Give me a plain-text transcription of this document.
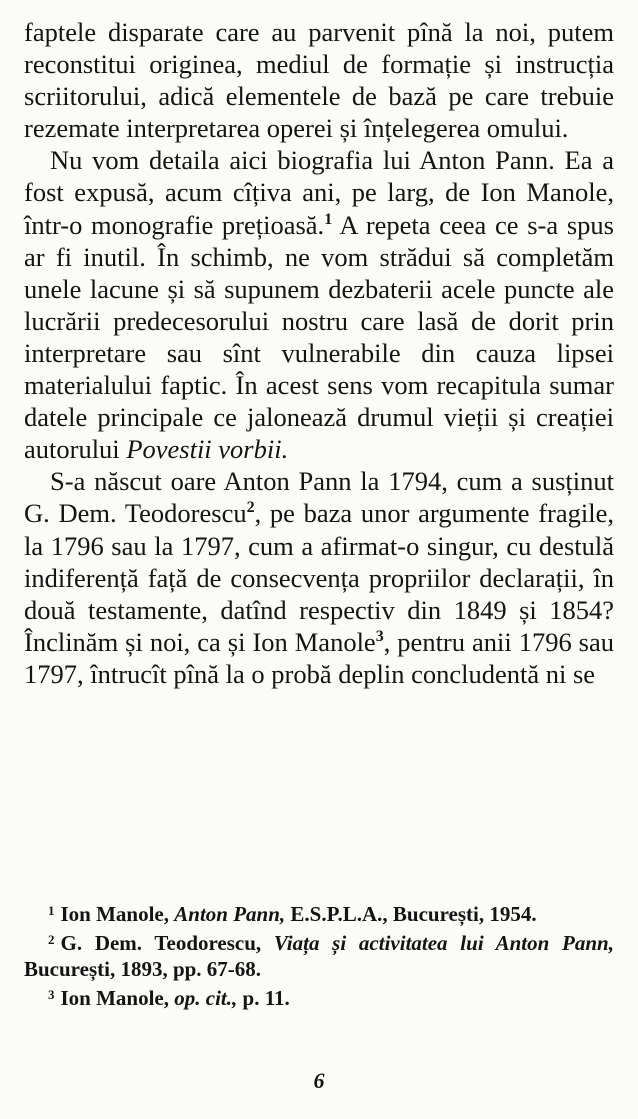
faptele disparate care au parvenit pînă la noi, putem reconstitui originea, mediul de formație și instrucția scriitorului, adică elementele de bază pe care trebuie rezemate interpretarea operei și înțelegerea omului.

Nu vom detaila aici biografia lui Anton Pann. Ea a fost expusă, acum cîțiva ani, pe larg, de Ion Manole, într-o monografie prețioasă.$^1$ A repeta ceea ce s-a spus ar fi inutil. În schimb, ne vom strădui să completăm unele lacune și să supunem dezbaterii acele puncte ale lucrării predecesorului nostru care lasă de dorit prin interpretare sau sînt vulnerabile din cauza lipsei materialului faptic. În acest sens vom recapitula sumar datele principale ce jalonează drumul vieții și creației autorului Povestii vorbii.

S-a născut oare Anton Pann la 1794, cum a susținut G. Dem. Teodorescu$^2$, pe baza unor argumente fragile, la 1796 sau la 1797, cum a afirmat-o singur, cu destulă indiferență față de consecvența propriilor declarații, în două testamente, datînd respectiv din 1849 și 1854? Înclinăm și noi, ca și Ion Manole$^3$, pentru anii 1796 sau 1797, întrucît pînă la o probă deplin concludentă ni se

$^1$ Ion Manole, Anton Pann, E.S.P.L.A., București, 1954.

$^2$ G. Dem. Teodorescu, Viața și activitatea lui Anton Pann, București, 1893, pp. 67-68.

$^3$ Ion Manole, op. cit., p. 11.

6
